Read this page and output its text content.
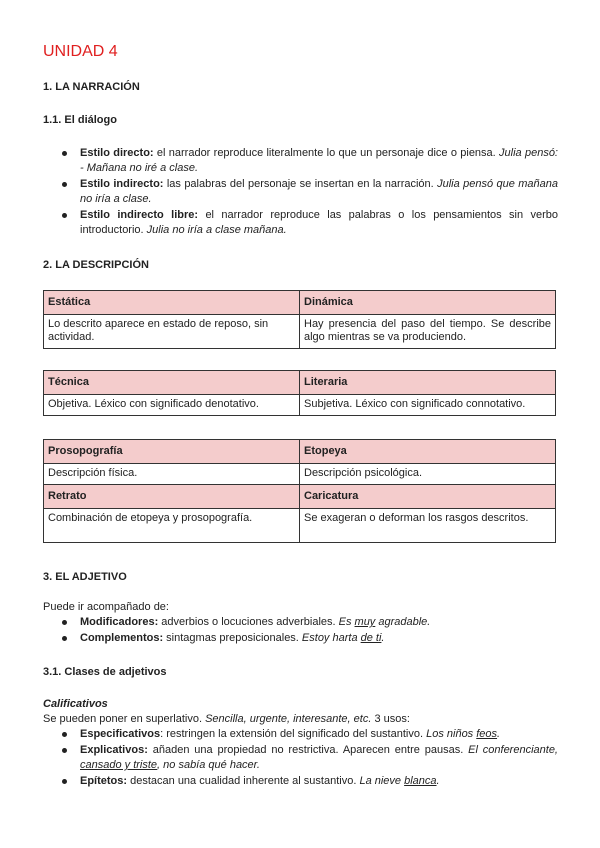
UNIDAD 4
1. LA NARRACIÓN
1.1. El diálogo
Estilo directo: el narrador reproduce literalmente lo que un personaje dice o piensa. Julia pensó: - Mañana no iré a clase.
Estilo indirecto: las palabras del personaje se insertan en la narración. Julia pensó que mañana no iría a clase.
Estilo indirecto libre: el narrador reproduce las palabras o los pensamientos sin verbo introductorio. Julia no iría a clase mañana.
2. LA DESCRIPCIÓN
Estática	Dinámica
Lo descrito aparece en estado de reposo, sin actividad.	Hay presencia del paso del tiempo. Se describe algo mientras se va produciendo.
Técnica	Literaria
Objetiva. Léxico con significado denotativo.	Subjetiva. Léxico con significado connotativo.
Prosopografía	Etopeya
Descripción física.	Descripción psicológica.
Retrato	Caricatura
Combinación de etopeya y prosopografía.	Se exageran o deforman los rasgos descritos.
3. EL ADJETIVO
Puede ir acompañado de:
Modificadores: adverbios o locuciones adverbiales. Es muy agradable.
Complementos: sintagmas preposicionales. Estoy harta de ti.
3.1. Clases de adjetivos
Calificativos
Se pueden poner en superlativo. Sencilla, urgente, interesante, etc. 3 usos:
Especificativos: restringen la extensión del significado del sustantivo. Los niños feos.
Explicativos: añaden una propiedad no restrictiva. Aparecen entre pausas. El conferenciante, cansado y triste, no sabía qué hacer.
Epítetos: destacan una cualidad inherente al sustantivo. La nieve blanca.
